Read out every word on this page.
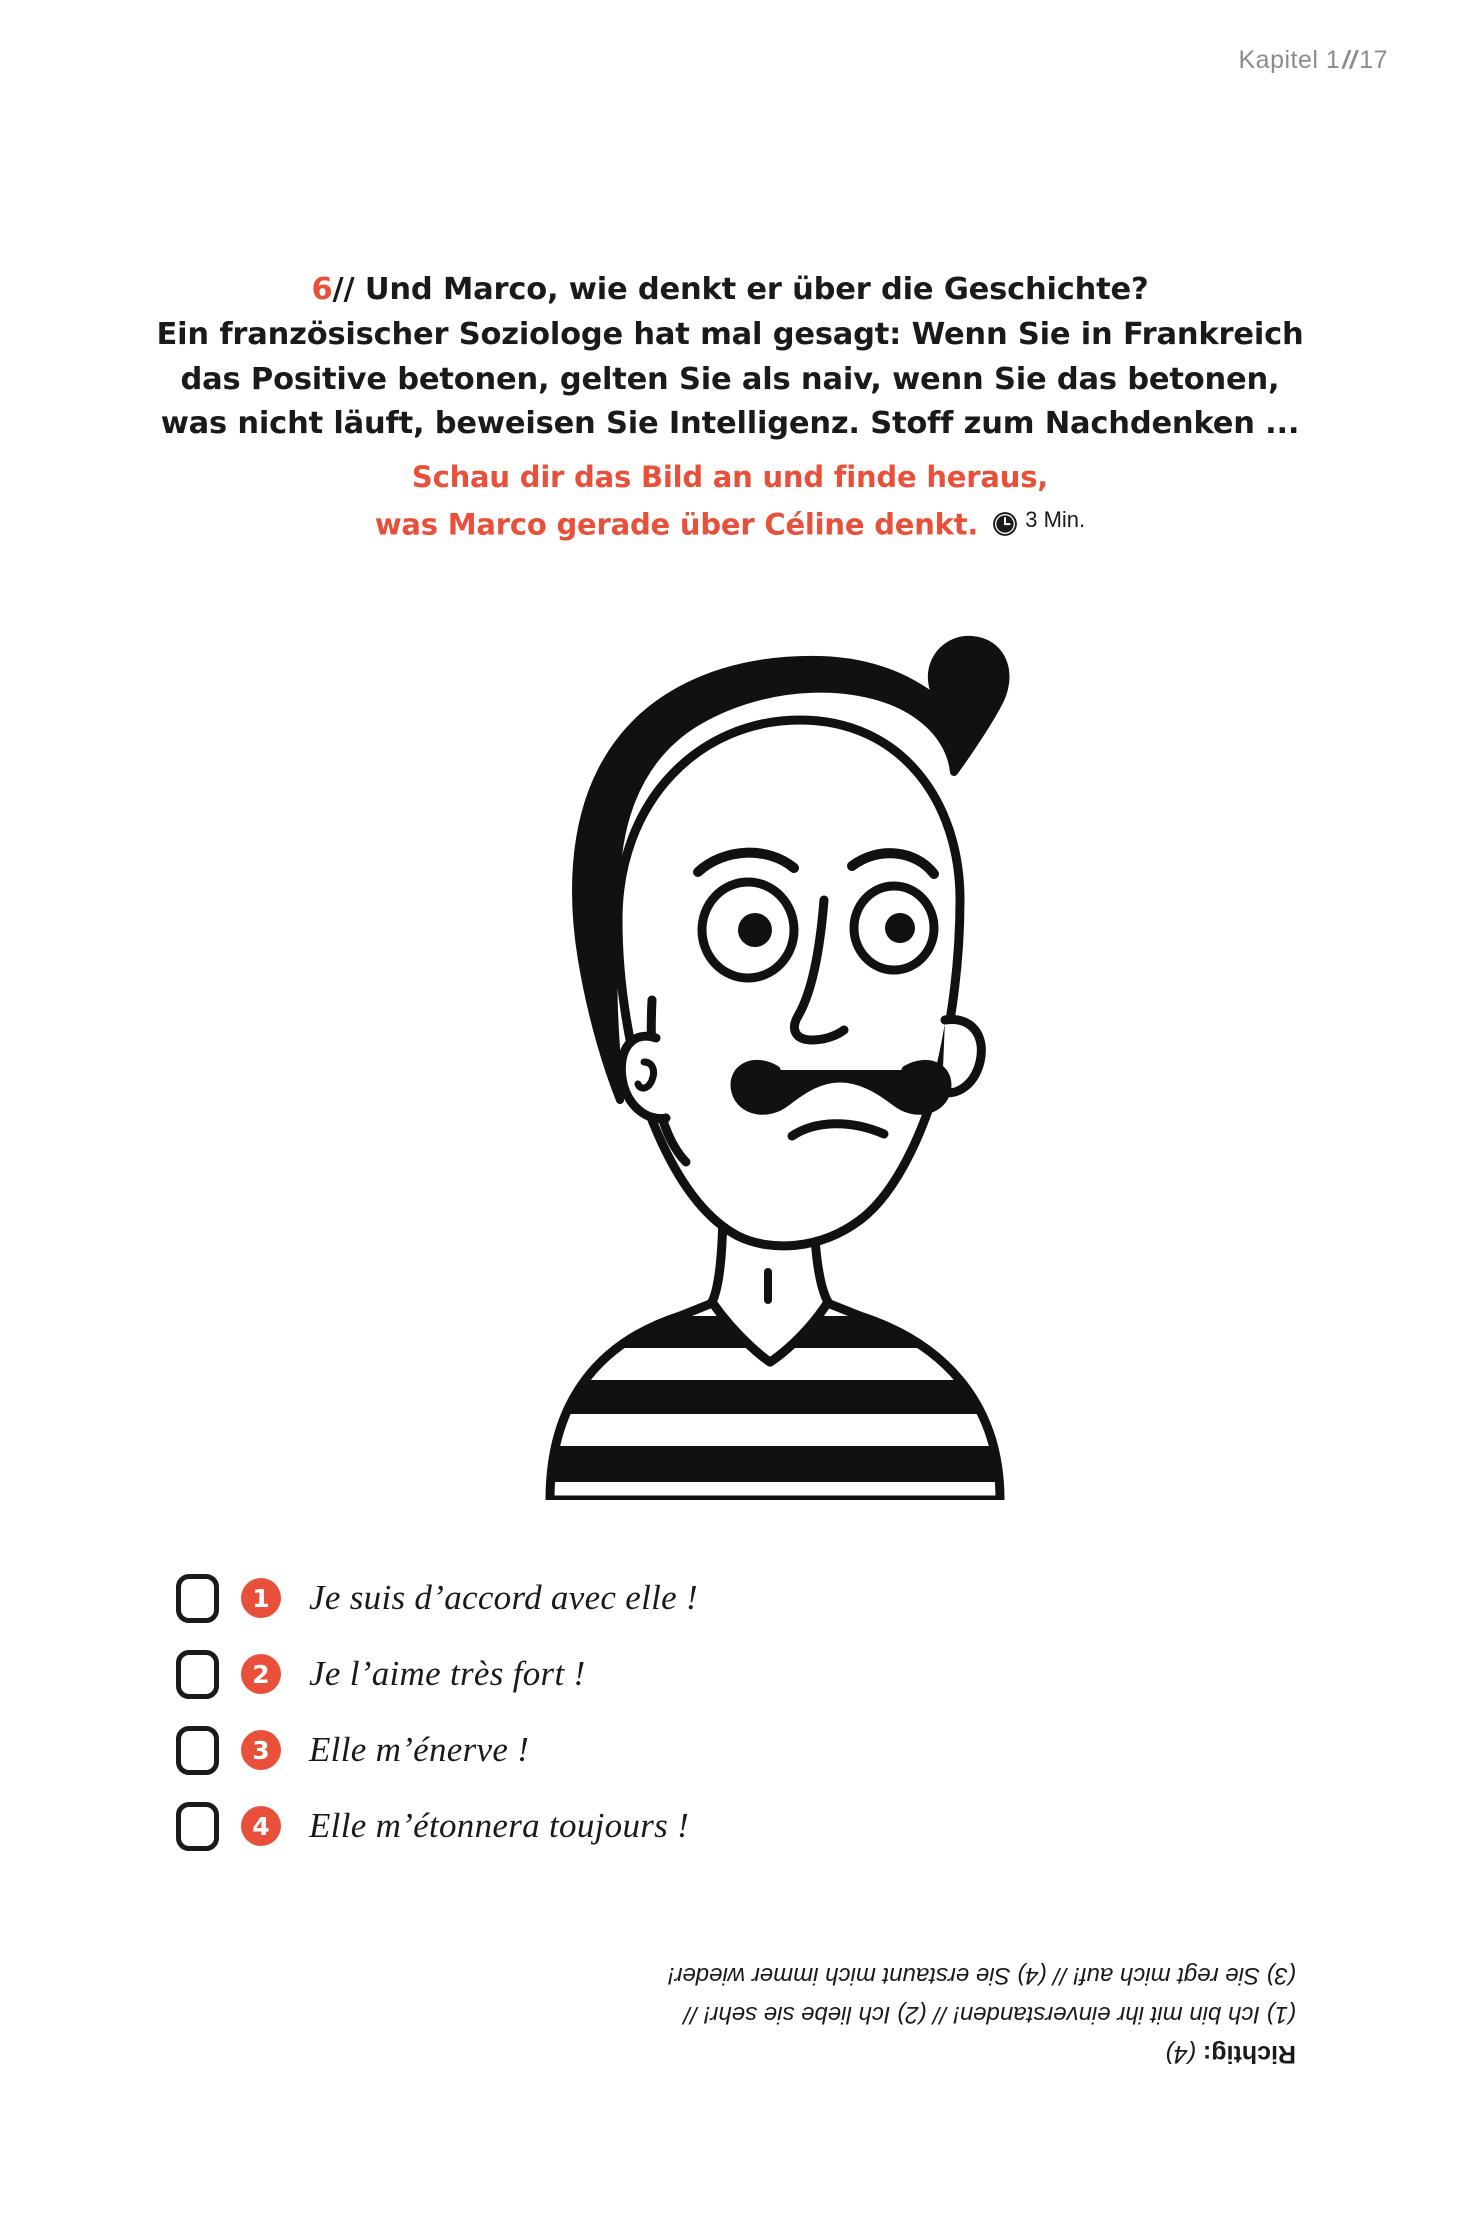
Kapitel 1//17
6// Und Marco, wie denkt er über die Geschichte?
Ein französischer Soziologe hat mal gesagt: Wenn Sie in Frankreich
das Positive betonen, gelten Sie als naiv, wenn Sie das betonen,
was nicht läuft, beweisen Sie Intelligenz. Stoff zum Nachdenken ...
Schau dir das Bild an und finde heraus,
was Marco gerade über Céline denkt. 3 Min.
1	Je suis d’accord avec elle !
2	Je l’aime très fort !
3	Elle m’énerve !
4	Elle m’étonnera toujours !
Richtig: (4)
(1) Ich bin mit ihr einverstanden! // (2) Ich liebe sie sehr! //
(3) Sie regt mich auf! // (4) Sie erstaunt mich immer wieder!
